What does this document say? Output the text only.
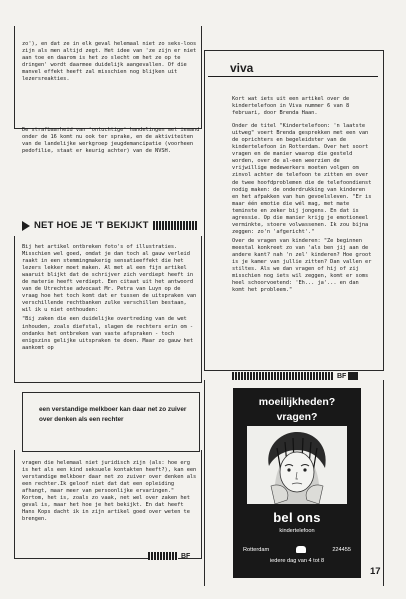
zo'), en dat ze in elk geval helemaal niet zo seks-loos zijn als men altijd zegt. Het idee van 'ze zijn er niet aan toe en daarom is het zo slecht om het ze op te dringen' wordt daarmee duidelijk aangevallen. Of die manvel effekt heeft zal misschien nog blijken uit lezersreakties.

De strafbaarheid van 'ontuchtige' handelingen met iemand onder de 16 komt nu ook ter sprake, en de aktiviteiten van de landelijke werkgroep jeugdemancipatie (voorheen pedofilie, staat er keurig achter) van de NVSH.

NET HOE JE 'T BEKIJKT

Bij het artikel ontbreken foto's of illustraties. Misschien wel goed, omdat je dan toch al gauw verleid raakt in een stemmingmakerig sensatieeffekt die het lezers lekker moet maken. Al met al een fijn artikel waaruit blijkt dat de schrijver zich verdiept heeft in de materie heeft verdiept. Een citaat uit het antwoord van de Utrechtse advocaat Mr. Petra van Luyn op de vraag hoe het toch komt dat er tussen de uitspraken van verschillende rechtbanken zulke verschillen bestaan, wil ik u niet onthouden:

"Bij zaken die een duidelijke overtreding van de wet inhouden, zoals diefstal, slagen de rechters erin om - ondanks het ontbreken van vaste afspraken - toch enigszins gelijke uitspraken te doen. Maar zo gauw het aankomt op

een verstandige melkboer kan daar net zo zuiver over denken als een rechter

vragen die helemaal niet juridisch zijn (als: hoe erg is het als een kind seksuele kontakten heeft?), kan een verstandige melkboer daar net zo zuiver over denken als een rechter.Ik geloof niet dat dat een opleiding afhangt, maar meer van persoonlijke ervaringen." Kortom, het is, zoals zo vaak, net wel over zaken het geval is, maar het hoe je het bekijkt. En dat heeft Hans Kops dacht ik in zijn artikel goed over weten te brengen.

BF
viva

Kort wat iets uit een artikel over de kindertelefoon in Viva nummer 6 van 8 februari, door Brenda Haan.

Onder de titel "Kindertelefoon: 'n laatste uitweg" voert Brenda gesprekken met een van de oprichters en begeleidster van de kindertelefoon in Rotterdam. Over het soort vragen en de manier waarop die gesteld worden, over de al-een weerzien de vrijwillige medewerkers moeten volgen om zinvol achter de telefoon te zitten en over de twee hoofdproblemen die de telefoondienst nodig maken: de onderdrukking van kinderen en het afpakken van hun gevoelsleven. "Er is maar één emotie die wél mag, met mate teminste en zeker bij jongens. En dat is agressie. Op die manier krijg je emotioneel verminkte, stoere volwassenen. Ik zou bijna zeggen: zo'n 'afgericht'."

Over de vragen van kinderen: "Ze beginnen meestal konkreet zo van 'als ben jij aan de andere kant? nah 'n zel' kinderen? Hoe groot is je kamer van jullie zitten? Dan vallen er stiltes. Als we dan vragen of hij of zij misschien nog iets wil zeggen, komt er soms heel schoorvoetend: 'Eh... ja'... en dan komt het probleem."

BF
moeilijkheden?
vragen?
bel ons
kindertelefoon
Rotterdam	224455
iedere dag van 4 tot 8
17
